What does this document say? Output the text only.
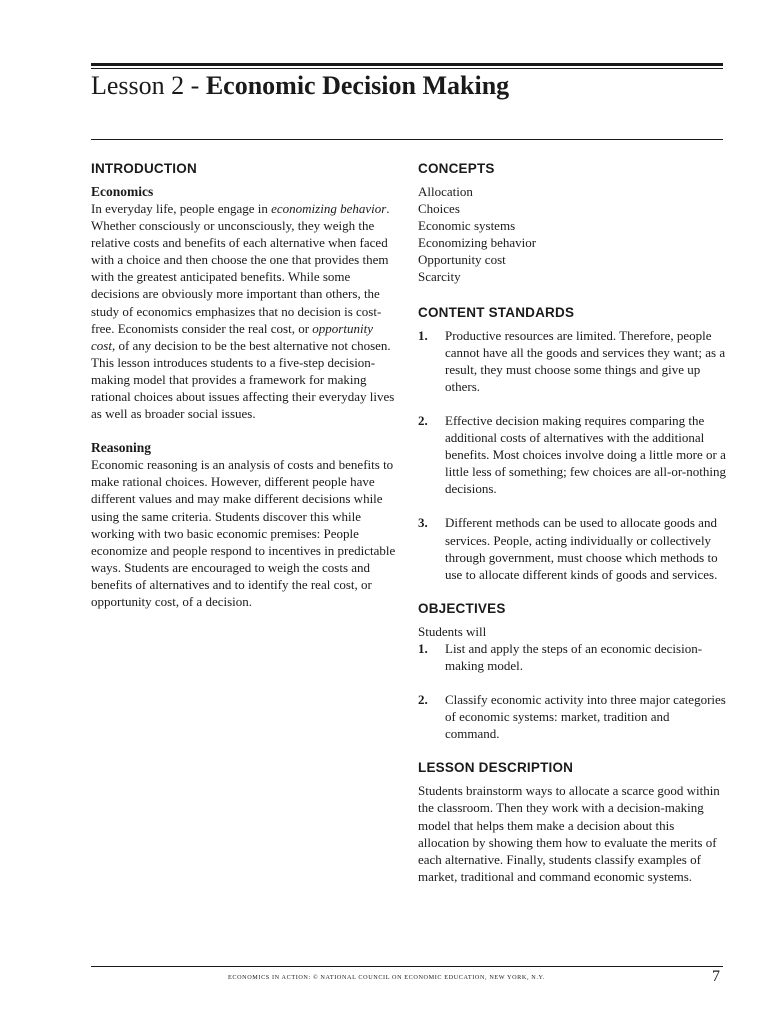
Lesson 2 - Economic Decision Making
INTRODUCTION
Economics

In everyday life, people engage in economizing behavior. Whether consciously or unconsciously, they weigh the relative costs and benefits of each alternative when faced with a choice and then choose the one that provides them with the greatest anticipated benefits. While some decisions are obviously more important than others, the study of economics emphasizes that no decision is cost-free. Economists consider the real cost, or opportunity cost, of any decision to be the best alternative not chosen. This lesson introduces students to a five-step decision-making model that provides a framework for making rational choices about issues affecting their everyday lives as well as broader social issues.

Reasoning

Economic reasoning is an analysis of costs and benefits to make rational choices. However, different people have different values and may make different decisions while using the same criteria. Students discover this while working with two basic economic premises: People economize and people respond to incentives in predictable ways. Students are encouraged to weigh the costs and benefits of alternatives and to identify the real cost, or opportunity cost, of a decision.

CONCEPTS
Allocation
Choices
Economic systems
Economizing behavior
Opportunity cost
Scarcity
CONTENT STANDARDS
1. Productive resources are limited. Therefore, people cannot have all the goods and services they want; as a result, they must choose some things and give up others.
2. Effective decision making requires comparing the additional costs of alternatives with the additional benefits. Most choices involve doing a little more or a little less of something; few choices are all-or-nothing decisions.
3. Different methods can be used to allocate goods and services. People, acting individually or collectively through government, must choose which methods to use to allocate different kinds of goods and services.
OBJECTIVES
Students will
1. List and apply the steps of an economic decision-making model.
2. Classify economic activity into three major categories of economic systems: market, tradition and command.
LESSON DESCRIPTION

Students brainstorm ways to allocate a scarce good within the classroom. Then they work with a decision-making model that helps them make a decision about this allocation by showing them how to evaluate the merits of each alternative. Finally, students classify examples of market, traditional and command economic systems.

ECONOMICS IN ACTION: © NATIONAL COUNCIL ON ECONOMIC EDUCATION, NEW YORK, N.Y.	7
